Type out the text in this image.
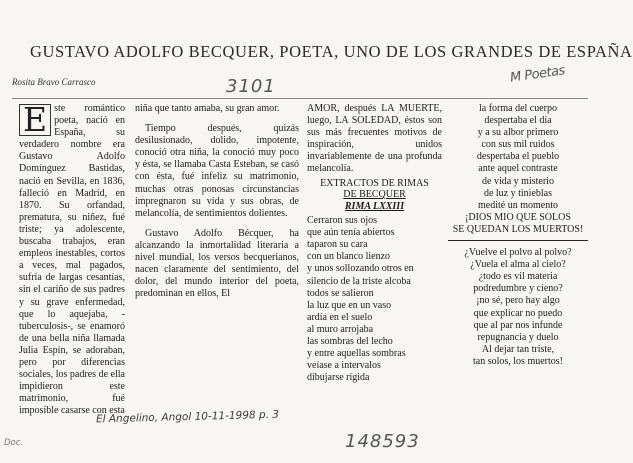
GUSTAVO ADOLFO BECQUER, POETA, UNO DE LOS GRANDES DE ESPAÑA
M Poetas
Rosita Bravo Carrasco	3101

E ste romántico poeta, nació en España, su verdadero nombre era Gustavo Adolfo Domínguez Bastidas, nació en Sevilla, en 1836, falleció en Madrid, en 1870. Su orfandad, prematura, su niñez, fué triste; ya adolescente, buscaba trabajos, eran empleos inestables, cortos a veces, mal pagados, sufría de largas cesantías, sin el cariño de sus padres y su grave enfermedad, que lo aquejaba, -tuberculosis-, se enamoró de una bella niña llamada Julia Espín, se adoraban, pero por diferencias sociales, los padres de ella impidieron este matrimonio, fué imposible casarse con esta

niña que tanto amaba, su gran amor.

Tiempo después, quizás desilusionado, dolido, impotente, conoció otra niña, la conoció muy poco y ésta, se llamaba Casta Esteban, se casó con ésta, fué infeliz su matrimonio, muchas otras ponosas circunstancias impregnaron su vida y sus obras, de melancolía, de sentimientos dolientes.

Gustavo Adolfo Bécquer, ha alcanzando la inmortalidad literaria a nivel mundial, los versos becquerianos, nacen claramente del sentimiento, del dolor, del mundo interior del poeta, predominan en ellos, El

AMOR, después LA MUERTE, luego, LA SOLEDAD, éstos son sus más frecuentes motivos de inspiración, unidos invariablemente de una profunda melancolía.

EXTRACTOS DE RIMAS
DE BECQUER
RIMA LXXIII
Cerraron sus ojos
que aún tenía abiertos
taparon su cara
con un blanco lienzo
y unos sollozando otros en
silencio de la triste alcoba
todos se salieron
la luz que en un vaso
ardía en el suelo
al muro arrojaba
las sombras del lecho
y entre aquellas sombras
veíase a intervalos
dibujarse rígida
la forma del cuerpo
despertaba el día
y a su albor primero
con sus mil ruidos
despertaba el pueblo
ante aquel contraste
de vida y misterio
de luz y tinieblas
medité un momento
¡DIOS MIO QUE SOLOS
SE QUEDAN LOS MUERTOS!
¿Vuelve el polvo al polvo?
¿Vuela el alma al cielo?
¿todo es vil materia
podredumbre y cieno?
¡no sé, pero hay algo
que explicar no puedo
que al par nos infunde
repugnancia y duelo
Al dejar tan triste,
tan solos, los muertos!
El Angelino, Angol 10-11-1998 p. 3
148593
Doc.
